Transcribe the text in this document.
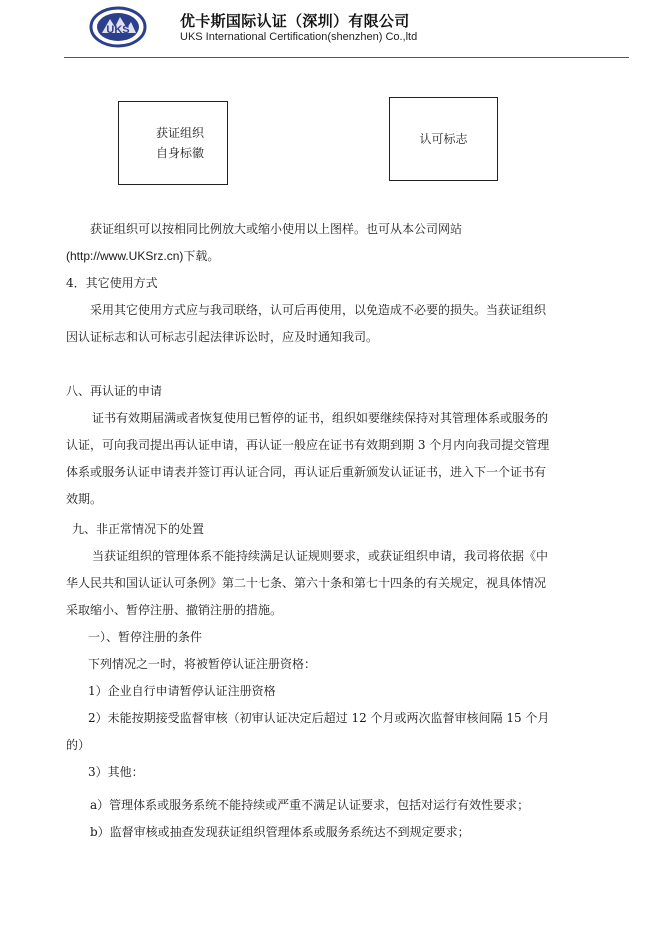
UKS	优卡斯国际认证（深圳）有限公司
UKS International Certification(shenzhen) Co.,ltd
获证组织
自身标徽
认可标志
获证组织可以按相同比例放大或缩小使用以上图样。也可从本公司网站
(http://www.UKSrz.cn)下载。
4．其它使用方式
采用其它使用方式应与我司联络，认可后再使用，以免造成不必要的损失。当获证组织
因认证标志和认可标志引起法律诉讼时，应及时通知我司。
八、再认证的申请
证书有效期届满或者恢复使用已暂停的证书，组织如要继续保持对其管理体系或服务的
认证，可向我司提出再认证申请，再认证一般应在证书有效期到期 3 个月内向我司提交管理
体系或服务认证申请表并签订再认证合同，再认证后重新颁发认证证书，进入下一个证书有
效期。
九、非正常情况下的处置
当获证组织的管理体系不能持续满足认证规则要求，或获证组织申请，我司将依据《中
华人民共和国认证认可条例》第二十七条、第六十条和第七十四条的有关规定，视具体情况
采取缩小、暂停注册、撤销注册的措施。
一）、暂停注册的条件
下列情况之一时，将被暂停认证注册资格：
1）企业自行申请暂停认证注册资格
2）未能按期接受监督审核（初审认证决定后超过 12 个月或两次监督审核间隔 15 个月
的）
3）其他：
a）管理体系或服务系统不能持续或严重不满足认证要求，包括对运行有效性要求；
b）监督审核或抽查发现获证组织管理体系或服务系统达不到规定要求；
